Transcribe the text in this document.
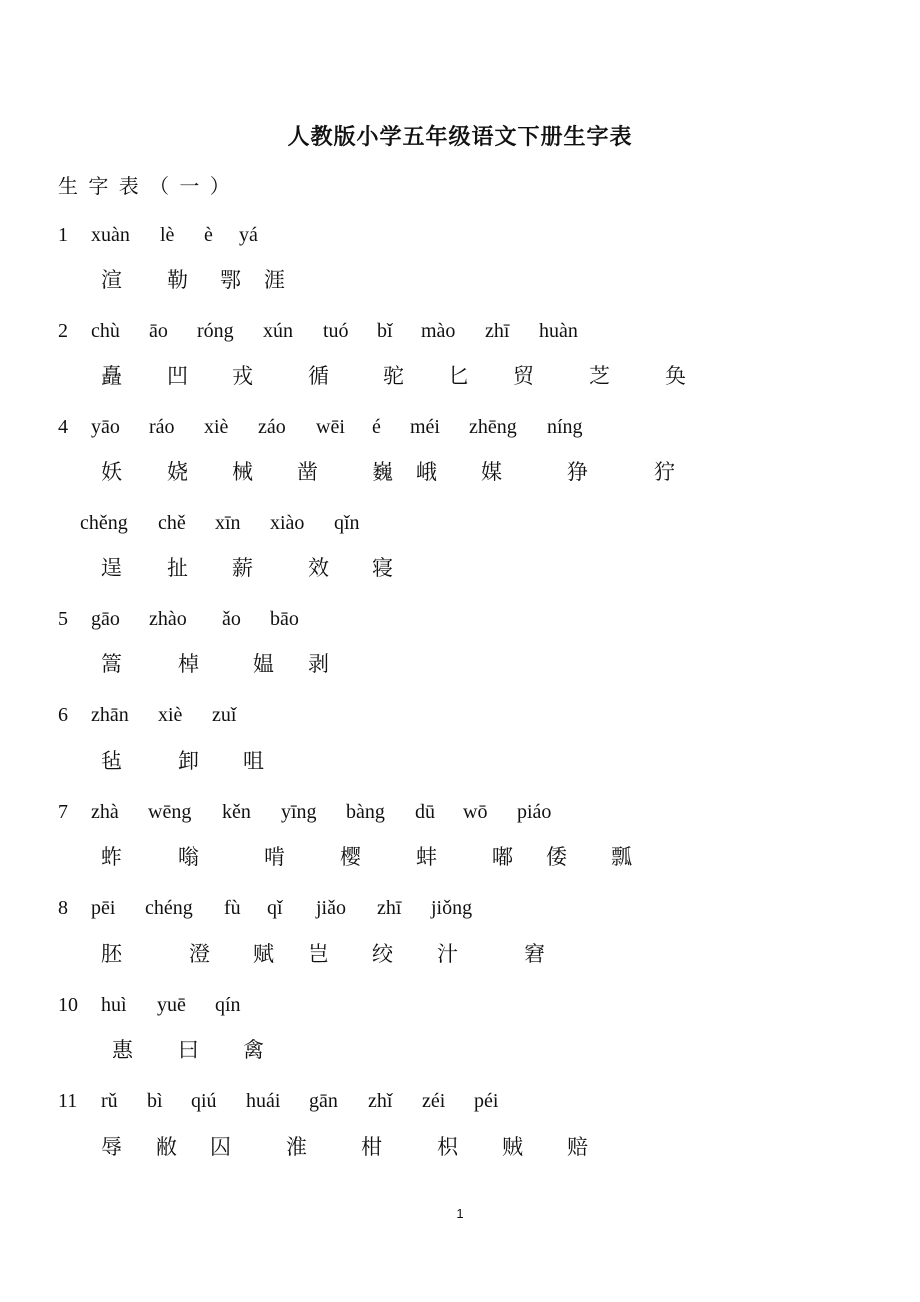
人教版小学五年级语文下册生字表
生 字 表 （ 一 ）
1 xuàn lè è yá
渲 勒 鄂 涯
2 chù āo róng xún tuó bǐ mào zhī huàn
矗 凹 戎	循	驼 匕 贸	芝	奂
4 yāo ráo xiè záo wēi é méi zhēng níng
妖 娆 械 凿	巍 峨 媒	狰	狞
chěng chě xīn xiào qǐn
逞 扯 薪	效 寝
5 gāo zhào ǎo bāo
篙	棹	媪 剥
6 zhān xiè zuǐ
毡	卸 咀
7 zhà wēng kěn yīng bàng dū wō piáo
蚱	嗡	啃	樱	蚌	嘟 倭 瓢
8 pēi chéng fù qǐ jiǎo zhī jiǒng
胚	澄 赋 岂 绞 汁	窘
10 huì yuē qín
惠 曰 禽
11 rǔ bì qiú huái gān zhǐ zéi péi
辱 敝 囚	淮	柑	枳 贼 赔
1
